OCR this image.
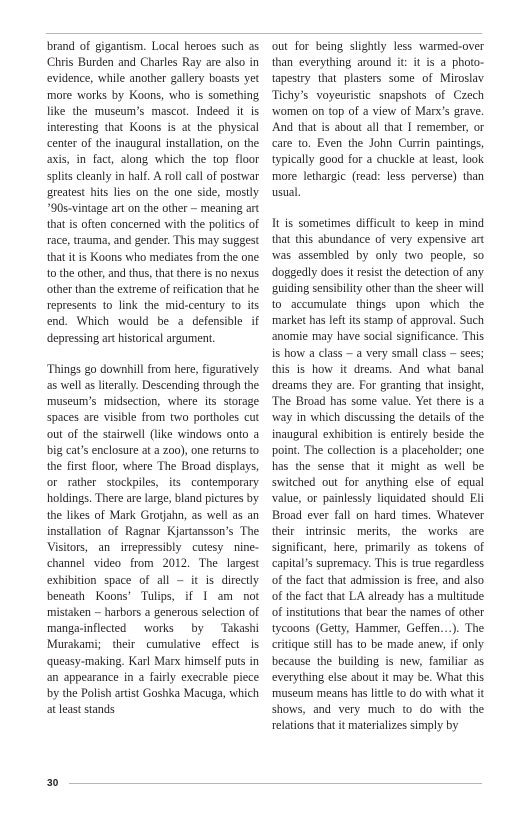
brand of gigantism. Local heroes such as Chris Burden and Charles Ray are also in evidence, while another gallery boasts yet more works by Koons, who is something like the museum’s mascot. Indeed it is interesting that Koons is at the physical center of the inaugural installation, on the axis, in fact, along which the top floor splits cleanly in half. A roll call of postwar greatest hits lies on the one side, mostly ’90s-vintage art on the other – meaning art that is often concerned with the politics of race, trauma, and gender. This may suggest that it is Koons who mediates from the one to the other, and thus, that there is no nexus other than the extreme of reification that he represents to link the mid-century to its end. Which would be a defensible if depressing art historical argument.

Things go downhill from here, figuratively as well as literally. Descending through the museum’s midsection, where its storage spaces are visible from two portholes cut out of the stairwell (like windows onto a big cat’s enclosure at a zoo), one returns to the first floor, where The Broad displays, or rather stockpiles, its contemporary holdings. There are large, bland pictures by the likes of Mark Grotjahn, as well as an installation of Ragnar Kjartansson’s The Visitors, an irrepressibly cutesy nine-channel video from 2012. The largest exhibition space of all – it is directly beneath Koons’ Tulips, if I am not mistaken – harbors a generous selection of manga-inflected works by Takashi Murakami; their cumulative effect is queasy-making. Karl Marx himself puts in an appearance in a fairly execrable piece by the Polish artist Goshka Macuga, which at least stands

out for being slightly less warmed-over than everything around it: it is a photo-tapestry that plasters some of Miroslav Tichy’s voyeuristic snapshots of Czech women on top of a view of Marx’s grave. And that is about all that I remember, or care to. Even the John Currin paintings, typically good for a chuckle at least, look more lethargic (read: less perverse) than usual.

It is sometimes difficult to keep in mind that this abundance of very expensive art was assembled by only two people, so doggedly does it resist the detection of any guiding sensibility other than the sheer will to accumulate things upon which the market has left its stamp of approval. Such anomie may have social significance. This is how a class – a very small class – sees; this is how it dreams. And what banal dreams they are. For granting that insight, The Broad has some value. Yet there is a way in which discussing the details of the inaugural exhibition is entirely beside the point. The collection is a placeholder; one has the sense that it might as well be switched out for anything else of equal value, or painlessly liquidated should Eli Broad ever fall on hard times. Whatever their intrinsic merits, the works are significant, here, primarily as tokens of capital’s supremacy. This is true regardless of the fact that admission is free, and also of the fact that LA already has a multitude of institutions that bear the names of other tycoons (Getty, Hammer, Geffen…). The critique still has to be made anew, if only because the building is new, familiar as everything else about it may be. What this museum means has little to do with what it shows, and very much to do with the relations that it materializes simply by

30
